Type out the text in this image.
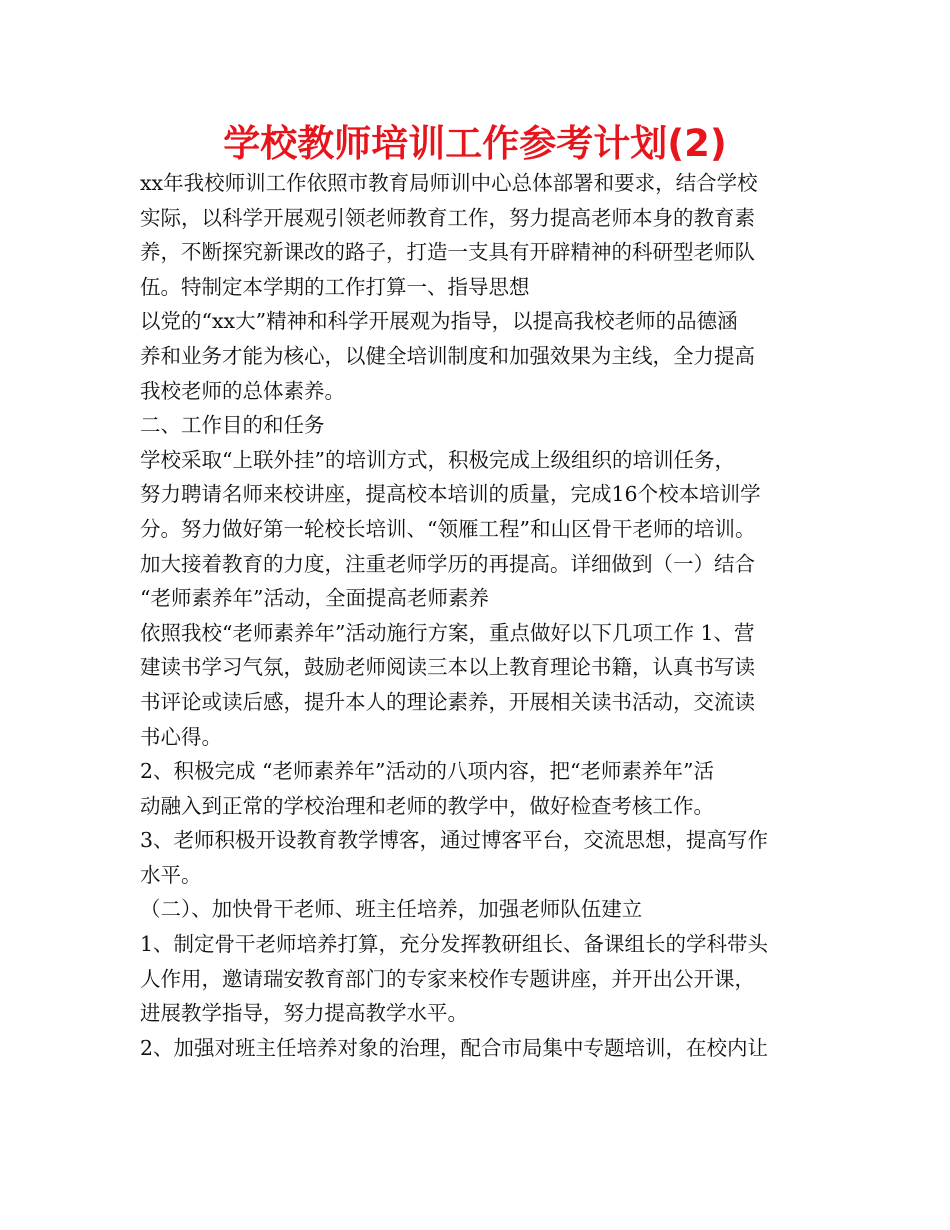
学校教师培训工作参考计划(2)
xx年我校师训工作依照市教育局师训中心总体部署和要求，结合学校
实际，以科学开展观引领老师教育工作，努力提高老师本身的教育素
养，不断探究新课改的路子，打造一支具有开辟精神的科研型老师队
伍。特制定本学期的工作打算一、指导思想
以党的“xx大”精神和科学开展观为指导，以提高我校老师的品德涵
养和业务才能为核心，以健全培训制度和加强效果为主线，全力提高
我校老师的总体素养。
二、工作目的和任务
学校采取“上联外挂”的培训方式，积极完成上级组织的培训任务，
努力聘请名师来校讲座，提高校本培训的质量，完成16个校本培训学
分。努力做好第一轮校长培训、“领雁工程”和山区骨干老师的培训。
加大接着教育的力度，注重老师学历的再提高。详细做到（一）结合
“老师素养年”活动，全面提高老师素养
依照我校“老师素养年”活动施行方案，重点做好以下几项工作 1、营
建读书学习气氛，鼓励老师阅读三本以上教育理论书籍，认真书写读
书评论或读后感，提升本人的理论素养，开展相关读书活动，交流读
书心得。
2、积极完成 “老师素养年”活动的八项内容，把“老师素养年”活
动融入到正常的学校治理和老师的教学中，做好检查考核工作。
3、老师积极开设教育教学博客，通过博客平台，交流思想，提高写作
水平。
（二）、加快骨干老师、班主任培养，加强老师队伍建立
1、制定骨干老师培养打算，充分发挥教研组长、备课组长的学科带头
人作用，邀请瑞安教育部门的专家来校作专题讲座，并开出公开课，
进展教学指导，努力提高教学水平。
2、加强对班主任培养对象的治理，配合市局集中专题培训，在校内让
